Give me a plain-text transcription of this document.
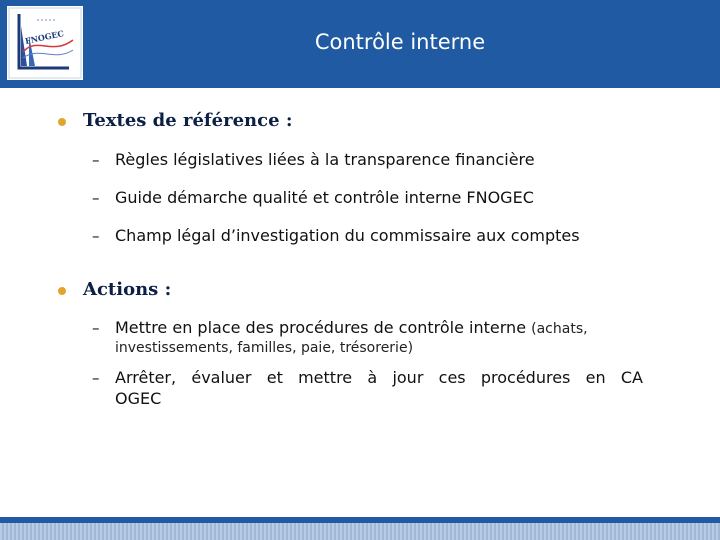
FNOGEC	Contrôle interne
Textes de référence :
– Règles législatives liées à la transparence financière
– Guide démarche qualité et contrôle interne FNOGEC
– Champ légal d’investigation du commissaire aux comptes
Actions :
– Mettre en place des procédures de contrôle interne (achats,
investissements, familles, paie, trésorerie)
– Arrêter, évaluer et mettre à jour ces procédures en CA
OGEC
